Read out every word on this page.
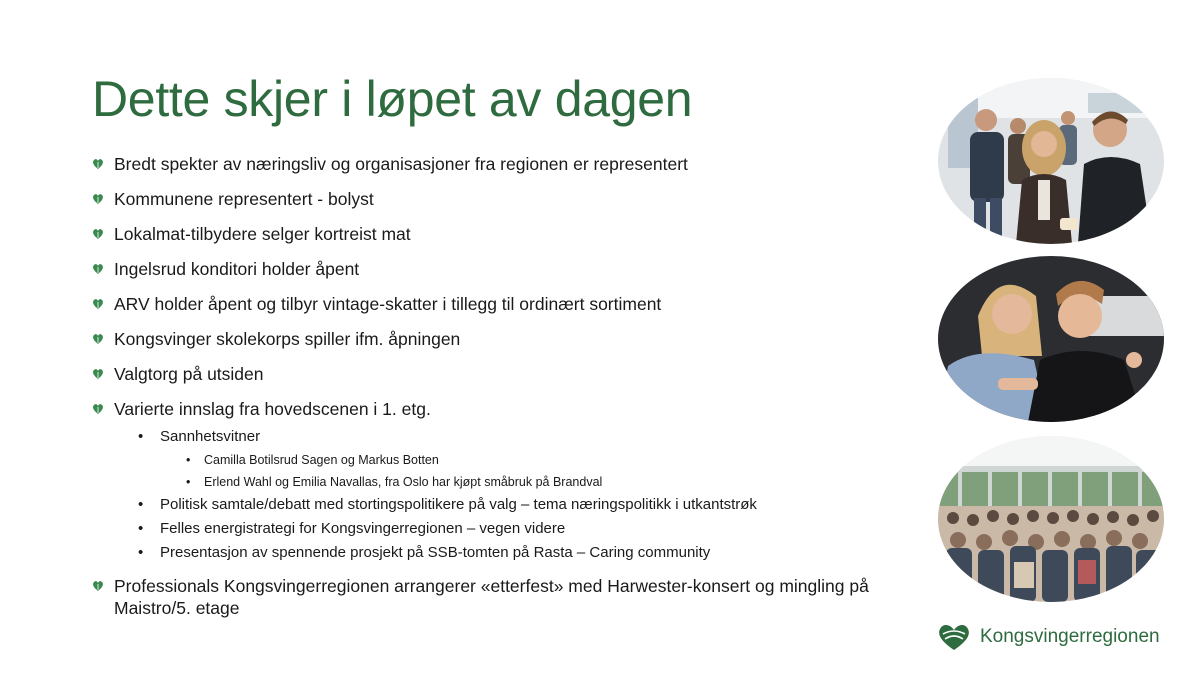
Dette skjer i løpet av dagen
Bredt spekter av næringsliv og organisasjoner fra regionen er representert
Kommunene representert - bolyst
Lokalmat-tilbydere selger kortreist mat
Ingelsrud konditori holder åpent
ARV holder åpent og tilbyr vintage-skatter i tillegg til ordinært sortiment
Kongsvinger skolekorps spiller ifm. åpningen
Valgtorg på utsiden
Varierte innslag fra hovedscenen i 1. etg.
• Sannhetsvitner
• Camilla Botilsrud Sagen og Markus Botten
• Erlend Wahl og Emilia Navallas, fra Oslo har kjøpt småbruk på Brandval
• Politisk samtale/debatt med stortingspolitikere på valg – tema næringspolitikk i utkantstrøk
• Felles energistrategi for Kongsvingerregionen – vegen videre
• Presentasjon av spennende prosjekt på SSB-tomten på Rasta – Caring community
Professionals Kongsvingerregionen arrangerer «etterfest» med Harwester-konsert og mingling på Maistro/5. etage
Kongsvingerregionen
